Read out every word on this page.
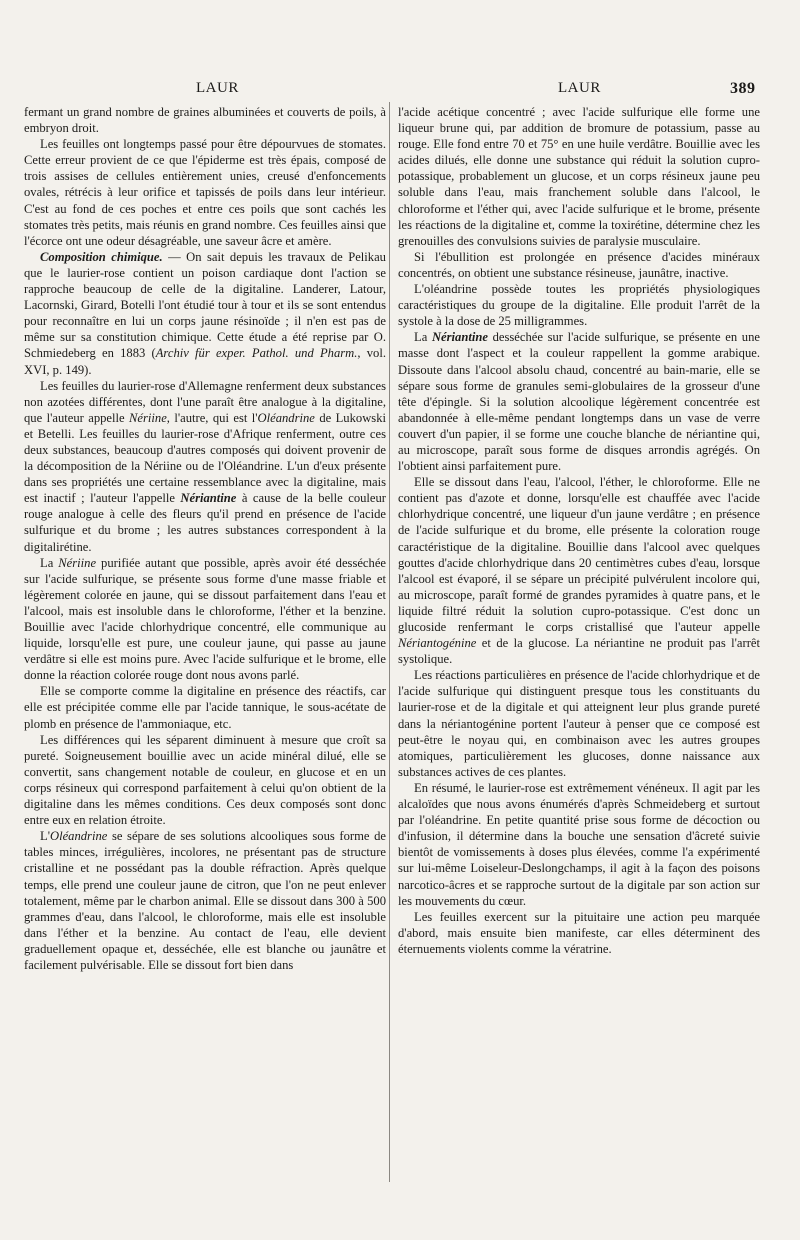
LAUR	LAUR	389

fermant un grand nombre de graines albuminées et couverts de poils, à embryon droit.

Les feuilles ont longtemps passé pour être dépourvues de stomates. Cette erreur provient de ce que l'épiderme est très épais, composé de trois assises de cellules entièrement unies, creusé d'enfoncements ovales, rétrécis à leur orifice et tapissés de poils dans leur intérieur. C'est au fond de ces poches et entre ces poils que sont cachés les stomates très petits, mais réunis en grand nombre. Ces feuilles ainsi que l'écorce ont une odeur désagréable, une saveur âcre et amère.

Composition chimique. — On sait depuis les travaux de Pelikau que le laurier-rose contient un poison cardiaque dont l'action se rapproche beaucoup de celle de la digitaline. Landerer, Latour, Lacornski, Girard, Botelli l'ont étudié tour à tour et ils se sont entendus pour reconnaître en lui un corps jaune résinoïde ; il n'en est pas de même sur sa constitution chimique. Cette étude a été reprise par O. Schmiedeberg en 1883 (Archiv für exper. Pathol. und Pharm., vol. XVI, p. 149).

Les feuilles du laurier-rose d'Allemagne renferment deux substances non azotées différentes, dont l'une paraît être analogue à la digitaline, que l'auteur appelle Nériine, l'autre, qui est l'Oléandrine de Lukowski et Betelli. Les feuilles du laurier-rose d'Afrique renferment, outre ces deux substances, beaucoup d'autres composés qui doivent provenir de la décomposition de la Nériine ou de l'Oléandrine. L'un d'eux présente dans ses propriétés une certaine ressemblance avec la digitaline, mais est inactif ; l'auteur l'appelle Nériantine à cause de la belle couleur rouge analogue à celle des fleurs qu'il prend en présence de l'acide sulfurique et du brome ; les autres substances correspondent à la digitalirétine.

La Nériine purifiée autant que possible, après avoir été desséchée sur l'acide sulfurique, se présente sous forme d'une masse friable et légèrement colorée en jaune, qui se dissout parfaitement dans l'eau et l'alcool, mais est insoluble dans le chloroforme, l'éther et la benzine. Bouillie avec l'acide chlorhydrique concentré, elle communique au liquide, lorsqu'elle est pure, une couleur jaune, qui passe au jaune verdâtre si elle est moins pure. Avec l'acide sulfurique et le brome, elle donne la réaction colorée rouge dont nous avons parlé.

Elle se comporte comme la digitaline en présence des réactifs, car elle est précipitée comme elle par l'acide tannique, le sous-acétate de plomb en présence de l'ammoniaque, etc.

Les différences qui les séparent diminuent à mesure que croît sa pureté. Soigneusement bouillie avec un acide minéral dilué, elle se convertit, sans changement notable de couleur, en glucose et en un corps résineux qui correspond parfaitement à celui qu'on obtient de la digitaline dans les mêmes conditions. Ces deux composés sont donc entre eux en relation étroite.

L'Oléandrine se sépare de ses solutions alcooliques sous forme de tables minces, irrégulières, incolores, ne présentant pas de structure cristalline et ne possédant pas la double réfraction. Après quelque temps, elle prend une couleur jaune de citron, que l'on ne peut enlever totalement, même par le charbon animal. Elle se dissout dans 300 à 500 grammes d'eau, dans l'alcool, le chloroforme, mais elle est insoluble dans l'éther et la benzine. Au contact de l'eau, elle devient graduellement opaque et, desséchée, elle est blanche ou jaunâtre et facilement pulvérisable. Elle se dissout fort bien dans

l'acide acétique concentré ; avec l'acide sulfurique elle forme une liqueur brune qui, par addition de bromure de potassium, passe au rouge. Elle fond entre 70 et 75° en une huile verdâtre. Bouillie avec les acides dilués, elle donne une substance qui réduit la solution cupro-potassique, probablement un glucose, et un corps résineux jaune peu soluble dans l'eau, mais franchement soluble dans l'alcool, le chloroforme et l'éther qui, avec l'acide sulfurique et le brome, présente les réactions de la digitaline et, comme la toxirétine, détermine chez les grenouilles des convulsions suivies de paralysie musculaire.

Si l'ébullition est prolongée en présence d'acides minéraux concentrés, on obtient une substance résineuse, jaunâtre, inactive.

L'oléandrine possède toutes les propriétés physiologiques caractéristiques du groupe de la digitaline. Elle produit l'arrêt de la systole à la dose de 25 milligrammes.

La Nériantine desséchée sur l'acide sulfurique, se présente en une masse dont l'aspect et la couleur rappellent la gomme arabique. Dissoute dans l'alcool absolu chaud, concentré au bain-marie, elle se sépare sous forme de granules semi-globulaires de la grosseur d'une tête d'épingle. Si la solution alcoolique légèrement concentrée est abandonnée à elle-même pendant longtemps dans un vase de verre couvert d'un papier, il se forme une couche blanche de nériantine qui, au microscope, paraît sous forme de disques arrondis agrégés. On l'obtient ainsi parfaitement pure.

Elle se dissout dans l'eau, l'alcool, l'éther, le chloroforme. Elle ne contient pas d'azote et donne, lorsqu'elle est chauffée avec l'acide chlorhydrique concentré, une liqueur d'un jaune verdâtre ; en présence de l'acide sulfurique et du brome, elle présente la coloration rouge caractéristique de la digitaline. Bouillie dans l'alcool avec quelques gouttes d'acide chlorhydrique dans 20 centimètres cubes d'eau, lorsque l'alcool est évaporé, il se sépare un précipité pulvérulent incolore qui, au microscope, paraît formé de grandes pyramides à quatre pans, et le liquide filtré réduit la solution cupro-potassique. C'est donc un glucoside renfermant le corps cristallisé que l'auteur appelle Nériantogénine et de la glucose. La nériantine ne produit pas l'arrêt systolique.

Les réactions particulières en présence de l'acide chlorhydrique et de l'acide sulfurique qui distinguent presque tous les constituants du laurier-rose et de la digitale et qui atteignent leur plus grande pureté dans la nériantogénine portent l'auteur à penser que ce composé est peut-être le noyau qui, en combinaison avec les autres groupes atomiques, particulièrement les glucoses, donne naissance aux substances actives de ces plantes.

En résumé, le laurier-rose est extrêmement vénéneux. Il agit par les alcaloïdes que nous avons énumérés d'après Schmeideberg et surtout par l'oléandrine. En petite quantité prise sous forme de décoction ou d'infusion, il détermine dans la bouche une sensation d'âcreté suivie bientôt de vomissements à doses plus élevées, comme l'a expérimenté sur lui-même Loiseleur-Deslongchamps, il agit à la façon des poisons narcotico-âcres et se rapproche surtout de la digitale par son action sur les mouvements du cœur.

Les feuilles exercent sur la pituitaire une action peu marquée d'abord, mais ensuite bien manifeste, car elles déterminent des éternuements violents comme la vératrine.
